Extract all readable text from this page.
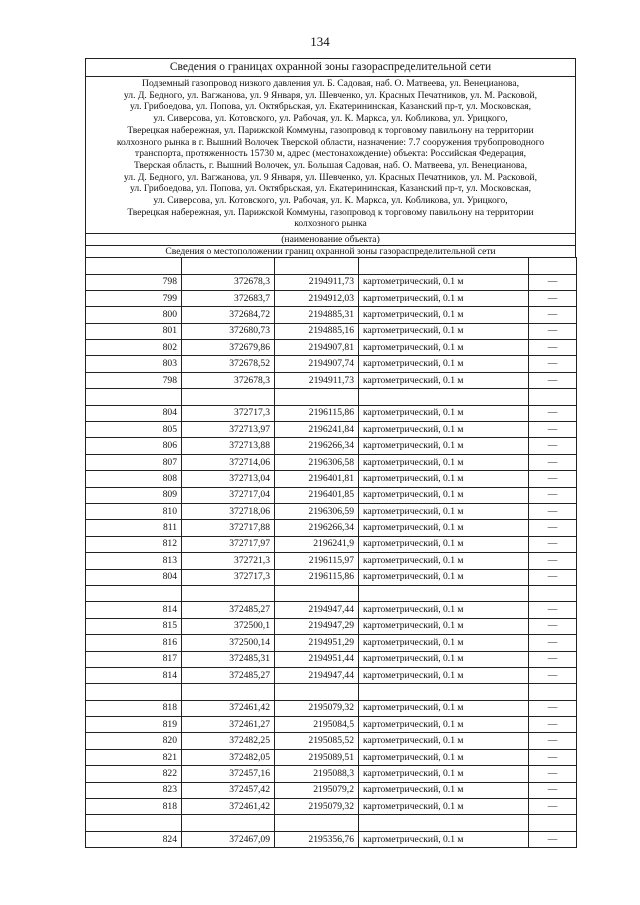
134
Сведения о границах охранной зоны газораспределительной сети
Подземный газопровод низкого давления ул. Б. Садовая, наб. О. Матвеева, ул. Венецианова,
ул. Д. Бедного, ул. Вагжанова, ул. 9 Января, ул. Шевченко, ул. Красных Печатников, ул. М. Расковой,
ул. Грибоедова, ул. Попова, ул. Октябрьская, ул. Екатерининская, Казанский пр-т, ул. Московская,
ул. Сиверсова, ул. Котовского, ул. Рабочая, ул. К. Маркса, ул. Кобликова, ул. Урицкого,
Тверецкая набережная, ул. Парижской Коммуны, газопровод к торговому павильону на территории
колхозного рынка в г. Вышний Волочек Тверской области, назначение: 7.7 сооружения трубопроводного
транспорта, протяженность 15730 м, адрес (местонахождение) объекта: Российская Федерация,
Тверская область, г. Вышний Волочек, ул. Большая Садовая, наб. О. Матвеева, ул. Венецианова,
ул. Д. Бедного, ул. Вагжанова, ул. 9 Января, ул. Шевченко, ул. Красных Печатников, ул. М. Расковой,
ул. Грибоедова, ул. Попова, ул. Октябрьская, ул. Екатерининская, Казанский пр-т, ул. Московская,
ул. Сиверсова, ул. Котовского, ул. Рабочая, ул. К. Маркса, ул. Кобликова, ул. Урицкого,
Тверецкая набережная, ул. Парижской Коммуны, газопровод к торговому павильону на территории
колхозного рынка
(наименование объекта)
Сведения о местоположении границ охранной зоны газораспределительной сети

798	372678,3	2194911,73	картометрический, 0.1 м	—
799	372683,7	2194912,03	картометрический, 0.1 м	—
800	372684,72	2194885,31	картометрический, 0.1 м	—
801	372680,73	2194885,16	картометрический, 0.1 м	—
802	372679,86	2194907,81	картометрический, 0.1 м	—
803	372678,52	2194907,74	картометрический, 0.1 м	—
798	372678,3	2194911,73	картометрический, 0.1 м	—

804	372717,3	2196115,86	картометрический, 0.1 м	—
805	372713,97	2196241,84	картометрический, 0.1 м	—
806	372713,88	2196266,34	картометрический, 0.1 м	—
807	372714,06	2196306,58	картометрический, 0.1 м	—
808	372713,04	2196401,81	картометрический, 0.1 м	—
809	372717,04	2196401,85	картометрический, 0.1 м	—
810	372718,06	2196306,59	картометрический, 0.1 м	—
811	372717,88	2196266,34	картометрический, 0.1 м	—
812	372717,97	2196241,9	картометрический, 0.1 м	—
813	372721,3	2196115,97	картометрический, 0.1 м	—
804	372717,3	2196115,86	картометрический, 0.1 м	—

814	372485,27	2194947,44	картометрический, 0.1 м	—
815	372500,1	2194947,29	картометрический, 0.1 м	—
816	372500,14	2194951,29	картометрический, 0.1 м	—
817	372485,31	2194951,44	картометрический, 0.1 м	—
814	372485,27	2194947,44	картометрический, 0.1 м	—

818	372461,42	2195079,32	картометрический, 0.1 м	—
819	372461,27	2195084,5	картометрический, 0.1 м	—
820	372482,25	2195085,52	картометрический, 0.1 м	—
821	372482,05	2195089,51	картометрический, 0.1 м	—
822	372457,16	2195088,3	картометрический, 0.1 м	—
823	372457,42	2195079,2	картометрический, 0.1 м	—
818	372461,42	2195079,32	картометрический, 0.1 м	—

824	372467,09	2195356,76	картометрический, 0.1 м	—
